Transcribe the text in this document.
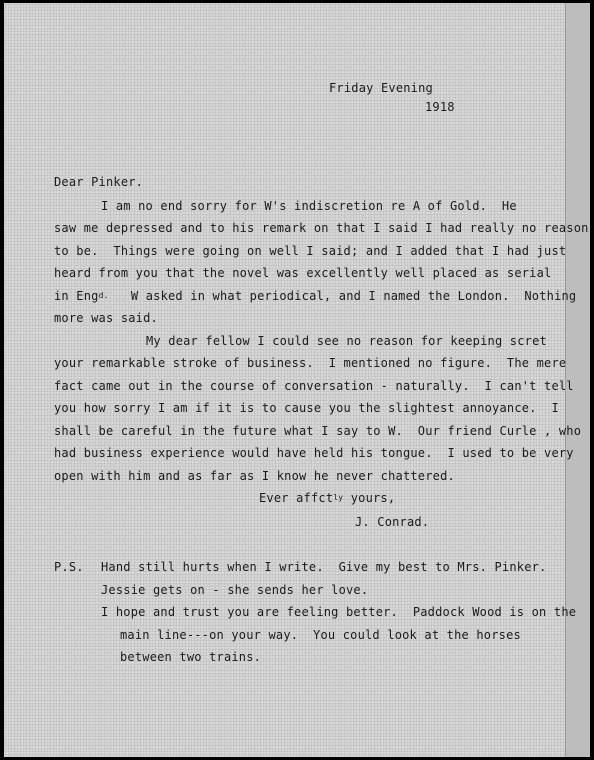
Friday Evening
1918
Dear Pinker.
I am no end sorry for W's indiscretion re A of Gold.  He
saw me depressed and to his remark on that I said I had really no reason
to be.  Things were going on well I said; and I added that I had just
heard from you that the novel was excellently well placed as serial
in Eng$^{d.}$   W asked in what periodical, and I named the London.  Nothing
more was said.
My dear fellow I could see no reason for keeping scret
your remarkable stroke of business.  I mentioned no figure.  The mere
fact came out in the course of conversation - naturally.  I can't tell
you how sorry I am if it is to cause you the slightest annoyance.  I
shall be careful in the future what I say to W.  Our friend Curle , who
had business experience would have held his tongue.  I used to be very
open with him and as far as I know he never chattered.
Ever affct$^{ly}$ yours,
J. Conrad.
P.S. Hand still hurts when I write.  Give my best to Mrs. Pinker.
Jessie gets on - she sends her love.
I hope and trust you are feeling better.  Paddock Wood is on the
main line---on your way.  You could look at the horses
between two trains.
